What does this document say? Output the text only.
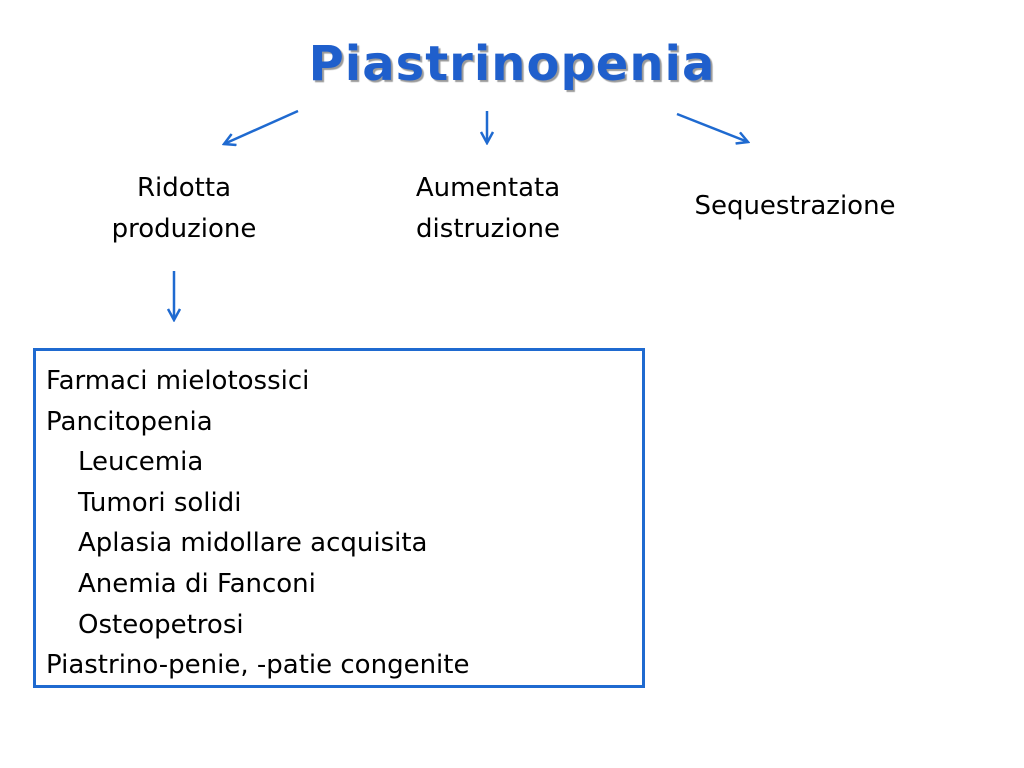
Piastrinopenia
Ridotta
produzione
Aumentata
distruzione
Sequestrazione
Farmaci mielotossici
Pancitopenia
Leucemia
Tumori solidi
Aplasia midollare acquisita
Anemia di Fanconi
Osteopetrosi
Piastrino-penie, -patie congenite
